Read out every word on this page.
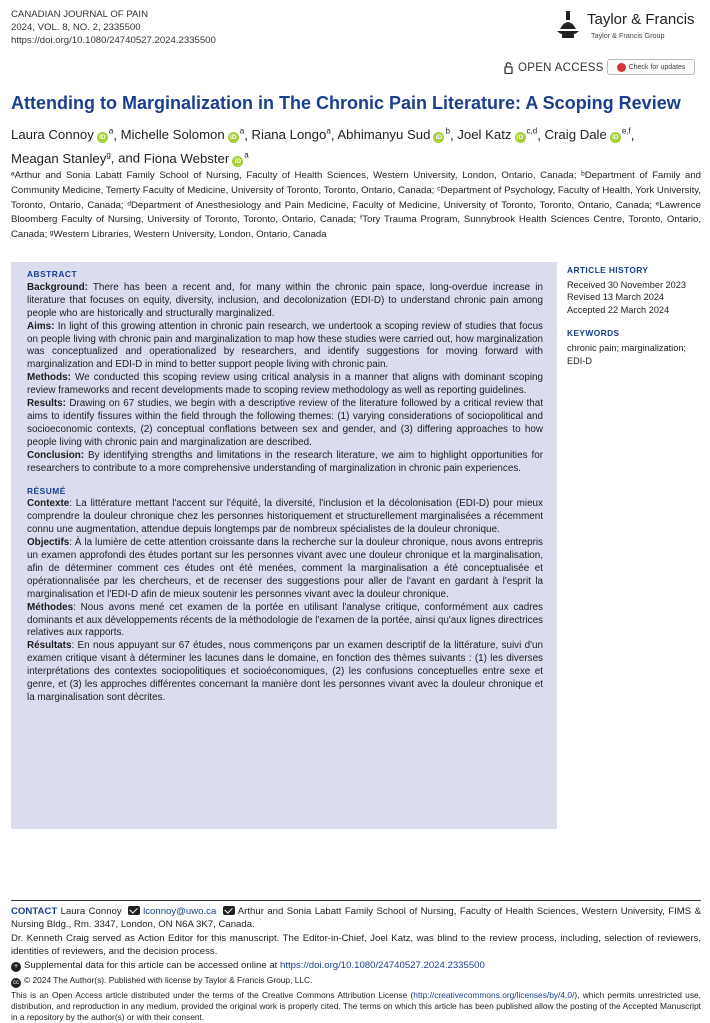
CANADIAN JOURNAL OF PAIN
2024, VOL. 8, NO. 2, 2335500
https://doi.org/10.1080/24740527.2024.2335500
Taylor & Francis
Taylor & Francis Group
OPEN ACCESS	Check for updates
Attending to Marginalization in The Chronic Pain Literature: A Scoping Review
Laura Connoy $iD^a$, Michelle Solomon $iD^a$, Riana Longo$^a$, Abhimanyu Sud $iD^b$, Joel Katz iD$^{c,d}$, Craig Dale iD$^{e,f}$,
Meagan Stanley$^g$, and Fiona Webster $iD^a$
ᵃArthur and Sonia Labatt Family School of Nursing, Faculty of Health Sciences, Western University, London, Ontario, Canada; ᵇDepartment of Family and Community Medicine, Temerty Faculty of Medicine, University of Toronto, Toronto, Ontario, Canada; ᶜDepartment of Psychology, Faculty of Health, York University, Toronto, Ontario, Canada; ᵈDepartment of Anesthesiology and Pain Medicine, Faculty of Medicine, University of Toronto, Toronto, Ontario, Canada; ᵉLawrence Bloomberg Faculty of Nursing, University of Toronto, Toronto, Ontario, Canada; ᶠTory Trauma Program, Sunnybrook Health Sciences Centre, Toronto, Ontario, Canada; ᵍWestern Libraries, Western University, London, Ontario, Canada
ABSTRACT

Background: There has been a recent and, for many within the chronic pain space, long-overdue increase in literature that focuses on equity, diversity, inclusion, and decolonization (EDI-D) to understand chronic pain among people who are historically and structurally marginalized.

Aims: In light of this growing attention in chronic pain research, we undertook a scoping review of studies that focus on people living with chronic pain and marginalization to map how these studies were carried out, how marginalization was conceptualized and operationalized by researchers, and identify suggestions for moving forward with marginalization and EDI-D in mind to better support people living with chronic pain.

Methods: We conducted this scoping review using critical analysis in a manner that aligns with dominant scoping review frameworks and recent developments made to scoping review methodology as well as reporting guidelines.

Results: Drawing on 67 studies, we begin with a descriptive review of the literature followed by a critical review that aims to identify fissures within the field through the following themes: (1) varying considerations of sociopolitical and socioeconomic contexts, (2) conceptual conflations between sex and gender, and (3) differing approaches to how people living with chronic pain and marginalization are described.

Conclusion: By identifying strengths and limitations in the research literature, we aim to highlight opportunities for researchers to contribute to a more comprehensive understanding of marginalization in chronic pain experiences.

RÉSUMÉ

Contexte: La littérature mettant l'accent sur l'équité, la diversité, l'inclusion et la décolonisation (EDI-D) pour mieux comprendre la douleur chronique chez les personnes historiquement et structurellement marginalisées a récemment connu une augmentation, attendue depuis longtemps par de nombreux spécialistes de la douleur chronique.

Objectifs: À la lumière de cette attention croissante dans la recherche sur la douleur chronique, nous avons entrepris un examen approfondi des études portant sur les personnes vivant avec une douleur chronique et la marginalisation, afin de déterminer comment ces études ont été menées, comment la marginalisation a été conceptualisée et opérationnalisée par les chercheurs, et de recenser des suggestions pour aller de l'avant en gardant à l'esprit la marginalisation et l'EDI-D afin de mieux soutenir les personnes vivant avec la douleur chronique.

Méthodes: Nous avons mené cet examen de la portée en utilisant l'analyse critique, conformément aux cadres dominants et aux développements récents de la méthodologie de l'examen de la portée, ainsi qu'aux lignes directrices relatives aux rapports.

Résultats: En nous appuyant sur 67 études, nous commençons par un examen descriptif de la littérature, suivi d'un examen critique visant à déterminer les lacunes dans le domaine, en fonction des thèmes suivants : (1) les diverses interprétations des contextes sociopolitiques et socioéconomiques, (2) les confusions conceptuelles entre sexe et genre, et (3) les approches différentes concernant la manière dont les personnes vivant avec la douleur chronique et la marginalisation sont décrites.

ARTICLE HISTORY
Received 30 November 2023
Revised 13 March 2024
Accepted 22 March 2024
KEYWORDS
chronic pain; marginalization; EDI-D

CONTACT Laura Connoy lconnoy@uwo.ca Arthur and Sonia Labatt Family School of Nursing, Faculty of Health Sciences, Western University, FIMS & Nursing Bldg., Rm. 3347, London, ON N6A 3K7, Canada.

Dr. Kenneth Craig served as Action Editor for this manuscript. The Editor-in-Chief, Joel Katz, was blind to the review process, including, selection of reviewers, identities of reviewers, and the decision process.

+ Supplemental data for this article can be accessed online at https://doi.org/10.1080/24740527.2024.2335500

cc © 2024 The Author(s). Published with license by Taylor & Francis Group, LLC.

This is an Open Access article distributed under the terms of the Creative Commons Attribution License (http://creativecommons.org/licenses/by/4.0/), which permits unrestricted use, distribution, and reproduction in any medium, provided the original work is properly cited. The terms on which this article has been published allow the posting of the Accepted Manuscript in a repository by the author(s) or with their consent.
